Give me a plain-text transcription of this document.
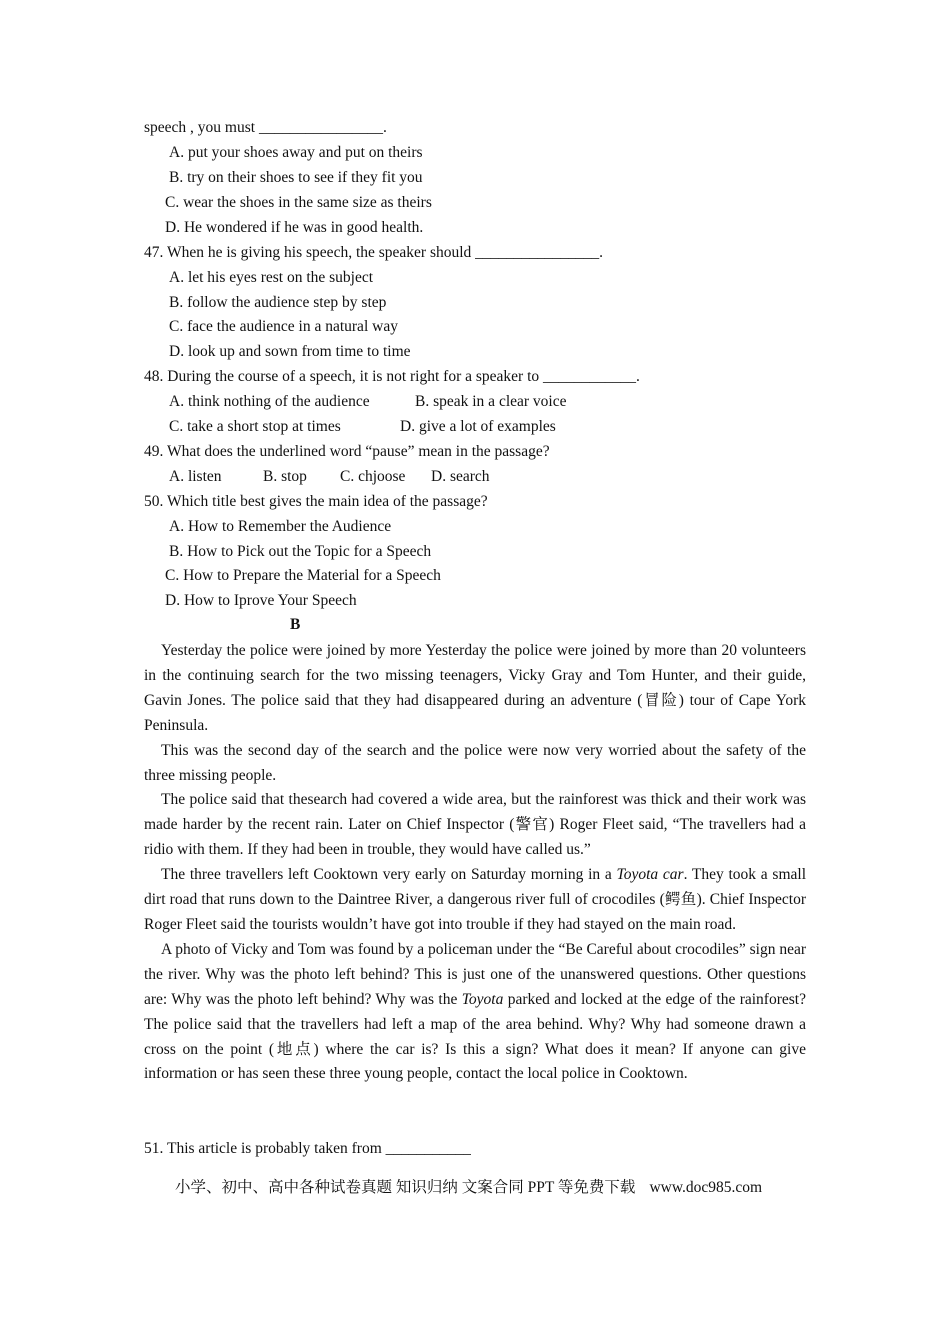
speech , you must ________________.
A. put your shoes away and put on theirs
B. try on their shoes to see if they fit you
C. wear the shoes in the same size as theirs
D. He wondered if he was in good health.
47. When he is giving his speech, the speaker should ________________.
A. let his eyes rest on the subject
B. follow the audience step by step
C. face the audience in a natural way
D. look up and sown from time to time
48. During the course of a speech, it is not right for a speaker to ____________.
A. think nothing of the audience	B. speak in a clear voice
C. take a short stop at times	D. give a lot of examples
49. What does the underlined word “pause” mean in the passage?
A. listen	B. stop C. chjoose D. search
50. Which title best gives the main idea of the passage?
A. How to Remember the Audience
B. How to Pick out the Topic for a Speech
C. How to Prepare the Material for a Speech
D. How to Iprove Your Speech
B

Yesterday the police were joined by more Yesterday the police were joined by more than 20 volunteers in the continuing search for the two missing teenagers, Vicky Gray and Tom Hunter, and their guide, Gavin Jones. The police said that they had disappeared during an adventure (冒险) tour of Cape York Peninsula.

This was the second day of the search and the police were now very worried about the safety of the three missing people.

The police said that thesearch had covered a wide area, but the rainforest was thick and their work was made harder by the recent rain. Later on Chief Inspector (警官) Roger Fleet said, “The travellers had a ridio with them. If they had been in trouble, they would have called us.”

The three travellers left Cooktown very early on Saturday morning in a Toyota car. They took a small dirt road that runs down to the Daintree River, a dangerous river full of crocodiles (鳄鱼). Chief Inspector Roger Fleet said the tourists wouldn’t have got into trouble if they had stayed on the main road.

A photo of Vicky and Tom was found by a policeman under the “Be Careful about crocodiles” sign near the river. Why was the photo left behind? This is just one of the unanswered questions. Other questions are: Why was the photo left behind? Why was the Toyota parked and locked at the edge of the rainforest? The police said that the travellers had left a map of the area behind. Why? Why had someone drawn a cross on the point (地点) where the car is? Is this a sign? What does it mean? If anyone can give information or has seen these three young people, contact the local police in Cooktown.

51. This article is probably taken from ___________
小学、初中、高中各种试卷真题 知识归纳 文案合同 PPT 等免费下载 www.doc985.com
